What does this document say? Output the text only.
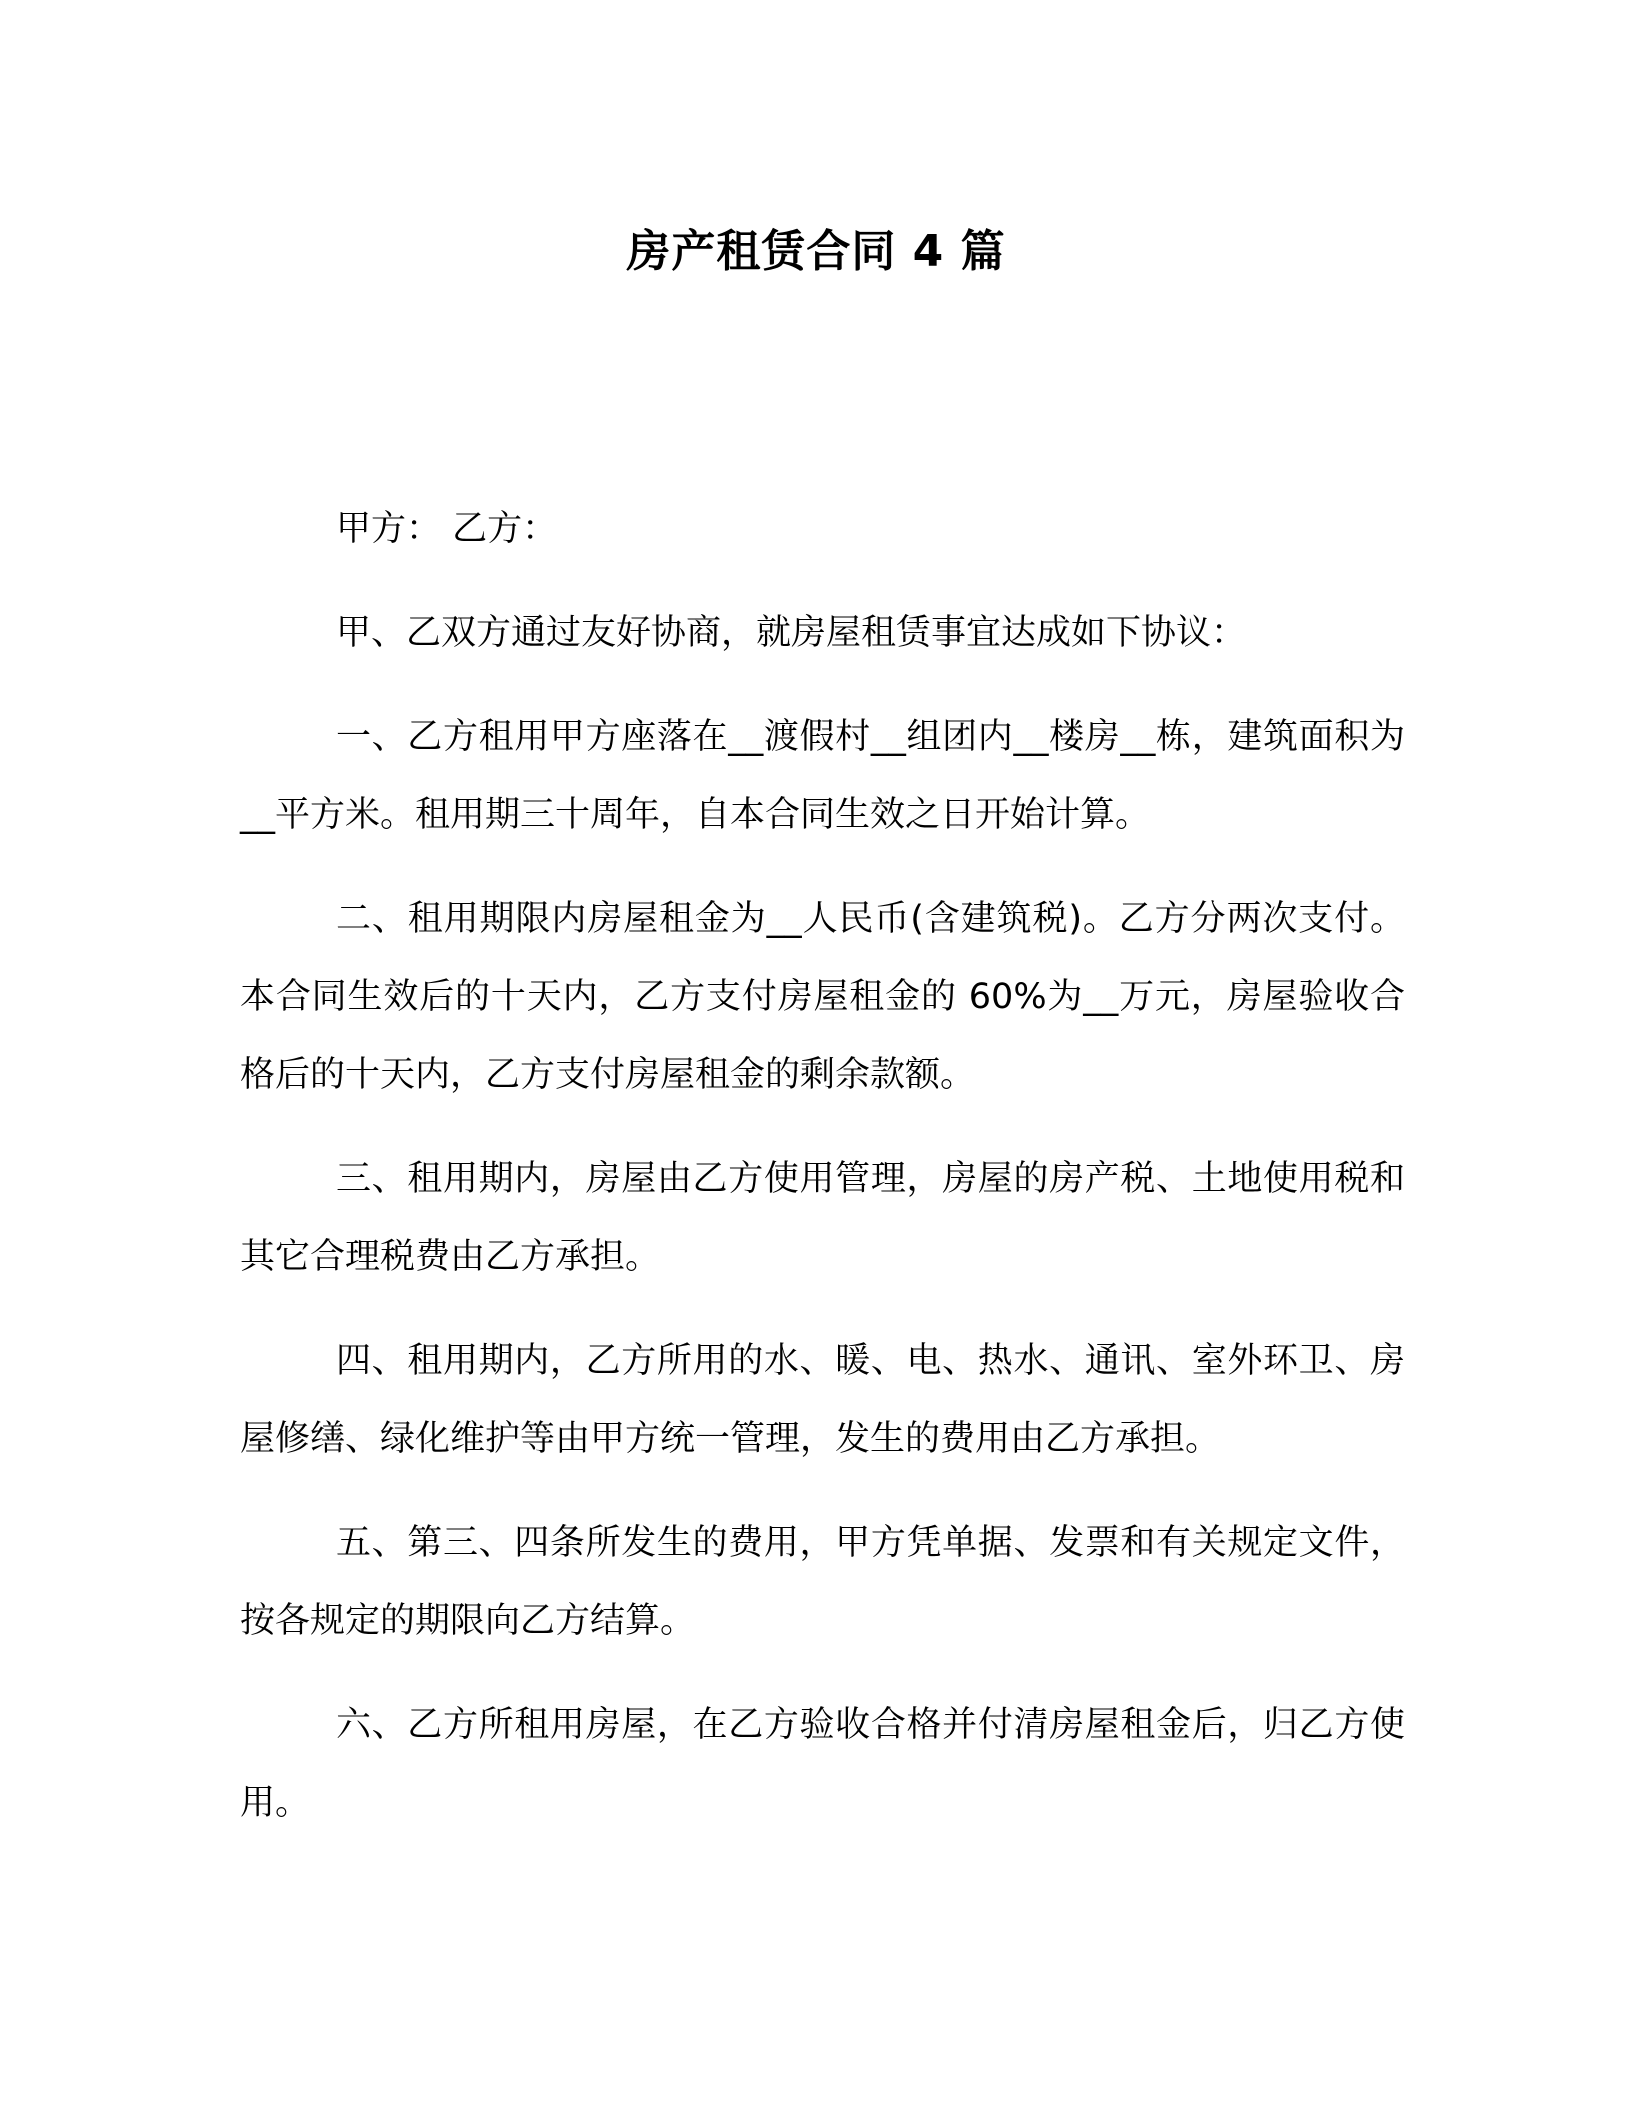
房产租赁合同 4 篇

甲方： 乙方：

甲、乙双方通过友好协商，就房屋租赁事宜达成如下协议：

一、乙方租用甲方座落在__渡假村__组团内__楼房__栋，建筑面积为__平方米。租用期三十周年，自本合同生效之日开始计算。

二、租用期限内房屋租金为__人民币(含建筑税)。乙方分两次支付。本合同生效后的十天内，乙方支付房屋租金的 60%为__万元，房屋验收合格后的十天内，乙方支付房屋租金的剩余款额。

三、租用期内，房屋由乙方使用管理，房屋的房产税、土地使用税和其它合理税费由乙方承担。

四、租用期内，乙方所用的水、暖、电、热水、通讯、室外环卫、房屋修缮、绿化维护等由甲方统一管理，发生的费用由乙方承担。

五、第三、四条所发生的费用，甲方凭单据、发票和有关规定文件，按各规定的期限向乙方结算。

六、乙方所租用房屋，在乙方验收合格并付清房屋租金后，归乙方使用。
